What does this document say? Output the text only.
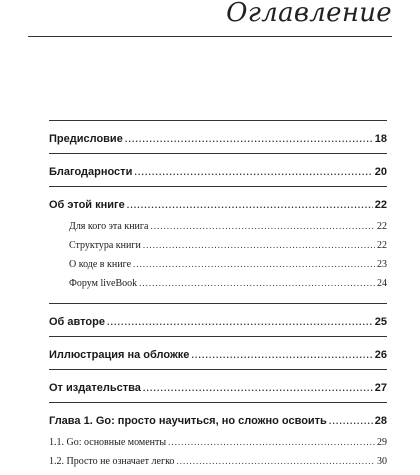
Оглавление
Предисловие .....	18
Благодарности .....	20
Об этой книге .....	22
Для кого эта книга .....	22
Структура книги .....	22
О коде в книге .....	23
Форум liveBook .....	24
Об авторе .....	25
Иллюстрация на обложке .....	26
От издательства .....	27
Глава 1. Go: просто научиться, но сложно освоить .....	28
1.1. Go: основные моменты .....	29
1.2. Просто не означает легко .....	30
